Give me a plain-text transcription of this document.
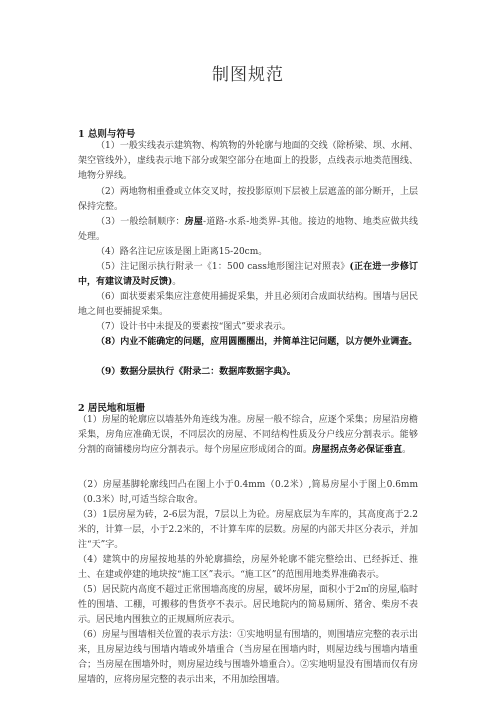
制图规范
1 总则与符号
（1）一般实线表示建筑物、构筑物的外轮廓与地面的交线（除桥梁、坝、水闸、架空管线外），虚线表示地下部分或架空部分在地面上的投影，点线表示地类范围线、地物分界线。
（2）两地物相重叠或立体交叉时，按投影原则下层被上层遮盖的部分断开，上层保持完整。
（3）一般绘制顺序：房屋-道路-水系-地类界-其他。接边的地物、地类应做共线处理。
（4）路名注记应该是图上距离15-20cm。
（5）注记图示执行附录一《1：500 cass地形图注记对照表》(正在进一步修订中，有建议请及时反馈)。
（6）面状要素采集应注意使用捕捉采集，并且必须闭合成面状结构。围墙与居民地之间也要捕捉采集。
（7）设计书中未提及的要素按“图式”要求表示。
（8）内业不能确定的问题，应用圆圈圈出，并简单注记问题，以方便外业调查。
（9）数据分层执行《附录二：数据库数据字典》。
2 居民地和垣栅
（1）房屋的轮廓应以墙基外角连线为准。房屋一般不综合，应逐个采集；房屋沿房檐采集，房角应准确无误，不同层次的房屋、不同结构性质及分户线应分割表示。能够分割的商铺楼房均应分割表示。每个房屋应形成闭合的面。房屋拐点务必保证垂直。
（2）房屋基脚轮廓线凹凸在图上小于0.4mm（0.2米）,简易房屋小于图上0.6mm（0.3米）时,可适当综合取舍。
（3）1层房屋为砖，2-6层为混，7层以上为砼。房屋底层为车库的，其高度高于2.2米的，计算一层，小于2.2米的，不计算车库的层数。房屋的内部天井区分表示，并加注“天”字。
（4）建筑中的房屋按地基的外轮廓描绘，房屋外轮廓不能完整绘出、已经拆迁、推土、在建或停建的地块按“施工区”表示。“施工区”的范围用地类界准确表示。
（5）居民院内高度不超过正常围墙高度的房屋，破坏房屋，面积小于2㎡的房屋,临时性的围墙、工棚，可搬移的售货亭不表示。居民地院内的简易厕所、猪舍、柴房不表示。居民地内围独立的正规厕所应表示。
（6）房屋与围墙相关位置的表示方法：①实地明显有围墙的，则围墙应完整的表示出来，且房屋边线与围墙内墙或外墙重合（当房屋在围墙内时，则屋边线与围墙内墙重合；当房屋在围墙外时，则房屋边线与围墙外墙重合）。②实地明显没有围墙而仅有房屋墙的，应将房屋完整的表示出来，不用加绘围墙。
